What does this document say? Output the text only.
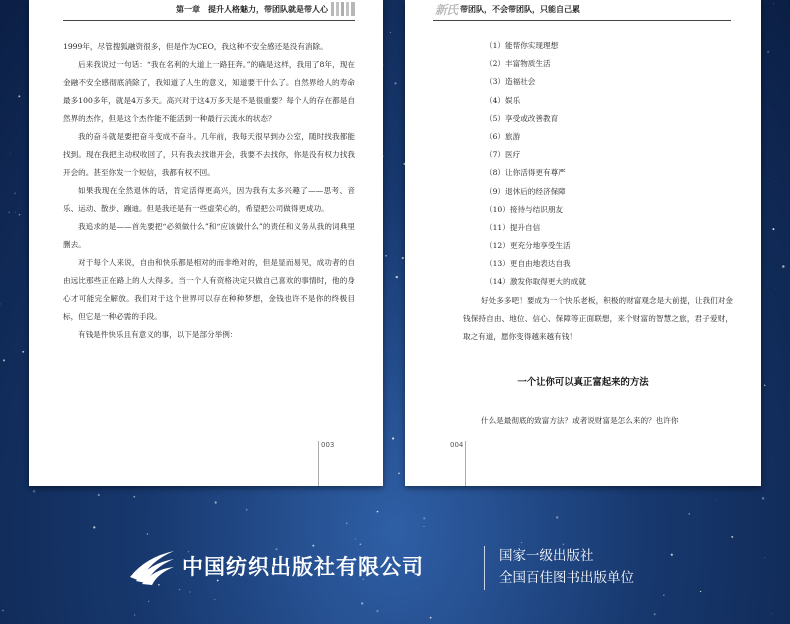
第一章　提升人格魅力，带团队就是带人心

1999年，尽管搜狐融资很多，但是作为CEO，我这种不安全感还是没有消除。

后来我说过一句话：“我在名利的大道上一路狂奔。”的确是这样，我用了8年，现在金融不安全感彻底消除了，我知道了人生的意义，知道要干什么了。自然界给人的寿命最多100多年，就是4万多天。高兴对于这4万多天是不是很重要？每个人的存在都是自然界的杰作，但是这个杰作能不能活到一种最行云流水的状态？

我的奋斗就是要把奋斗变成不奋斗。几年前，我每天很早到办公室，随时找我都能找到。现在我把主动权收回了，只有我去找谁开会，我要不去找你，你是没有权力找我开会的。甚至你发一个短信，我都有权不回。

如果我现在全然退休的话，肯定活得更高兴，因为我有太多兴趣了——思考、音乐、运动、散步、蹦迪。但是我还是有一些虚荣心的，希望把公司做得更成功。

我追求的是——首先要把“必须做什么”和“应该做什么”的责任和义务从我的词典里删去。

对于每个人来说，自由和快乐都是相对的而非绝对的，但是显而易见，成功者的自由远比那些正在路上的人大得多。当一个人有资格决定只做自己喜欢的事情时，他的身心才可能完全解放。我们对于这个世界可以存在种种梦想，金钱也许不是你的终极目标，但它是一种必需的手段。

有钱是件快乐且有意义的事，以下是部分举例：

003
新氏 带团队，不会带团队，只能自己累
004
（1）能帮你实现理想
（2）丰富物质生活
（3）造福社会
（4）娱乐
（5）享受或改善教育
（6）旅游
（7）医疗
（8）让你活得更有尊严
（9）退休后的经济保障
（10）接待与结识朋友
（11）提升自信
（12）更充分地享受生活
（13）更自由地表达自我
（14）激发你取得更大的成就

好处多多吧！要成为一个快乐老板，积极的财富观念是大前提，让我们对金钱保持自由、地位、信心、保障等正面联想，来个财富的智慧之旅，君子爱财，取之有道，愿你变得越来越有钱！

一个让你可以真正富起来的方法

什么是最彻底的致富方法？或者说财富是怎么来的？也许你

中国纺织出版社有限公司	国家一级出版社
全国百佳图书出版单位
